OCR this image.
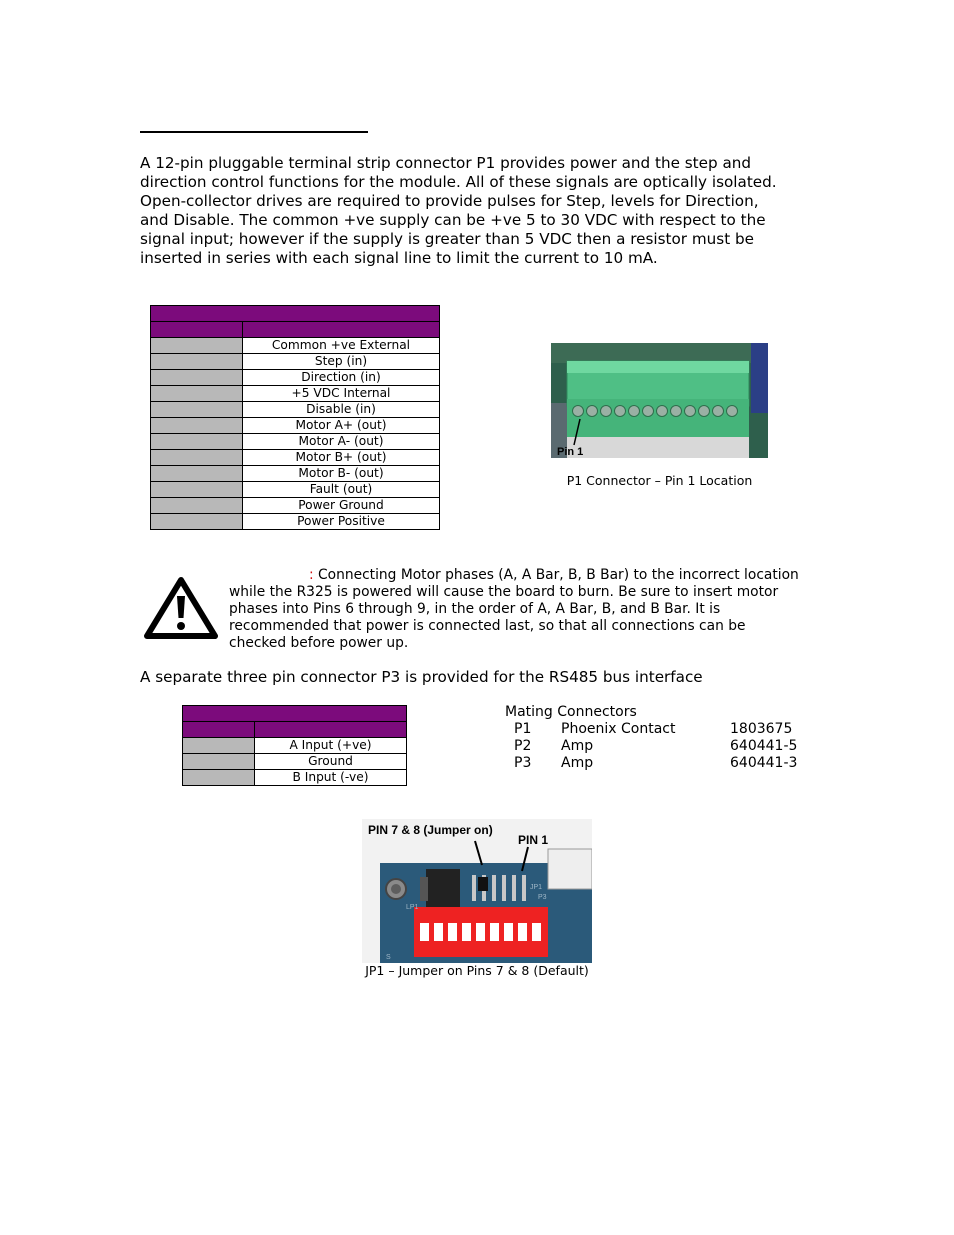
A 12-pin pluggable terminal strip connector P1 provides power and the step and

direction control functions for the module. All of these signals are optically isolated.

Open-collector drives are required to provide pulses for Step, levels for Direction,

and Disable. The common +ve supply can be +ve 5 to 30 VDC with respect to the

signal input; however if the supply is greater than 5 VDC then a resistor must be

inserted in series with each signal line to limit the current to 10 mA.

	Common +ve External
	Step (in)
	Direction (in)
	+5 VDC Internal
	Disable (in)
	Motor A+ (out)
	Motor A- (out)
	Motor B+ (out)
	Motor B- (out)
	Fault (out)
	Power Ground
	Power Positive
Pin 1
P1 Connector – Pin 1 Location

: Connecting Motor phases (A, A Bar, B, B Bar) to the incorrect location

while the R325 is powered will cause the board to burn. Be sure to insert motor

phases into Pins 6 through 9, in the order of A, A Bar, B, and B Bar. It is

recommended that power is connected last, so that all connections can be

checked before power up.

A separate three pin connector P3 is provided for the RS485 bus interface

	A Input (+ve)
	Ground
	B Input (-ve)
Mating Connectors
P1 Phoenix Contact	1803675
P2 Amp	640441-5
P3 Amp	640441-3
LP1
JP1
P3
S
PIN 7 & 8 (Jumper on)
PIN 1
JP1 – Jumper on Pins 7 & 8 (Default)
